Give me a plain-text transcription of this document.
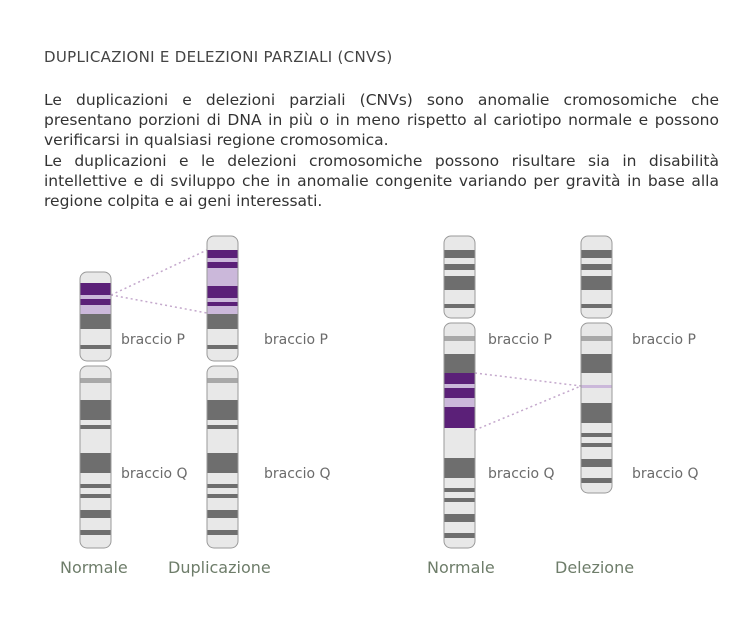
DUPLICAZIONI E DELEZIONI PARZIALI (CNVS)
Le duplicazioni e delezioni parziali (CNVs) sono anomalie cromosomiche che presentano porzioni di DNA in più o in meno rispetto al cariotipo normale e possono verificarsi in qualsiasi regione cromosomica.
Le duplicazioni e le delezioni cromosomiche possono risultare sia in disabilità intellettive e di sviluppo che in anomalie congenite variando per gravità in base alla regione colpita e ai geni interessati.
braccio P
braccio Q
braccio P
braccio Q
braccio P
braccio Q
braccio P
braccio Q
Normale	Duplicazione	Normale	Delezione
